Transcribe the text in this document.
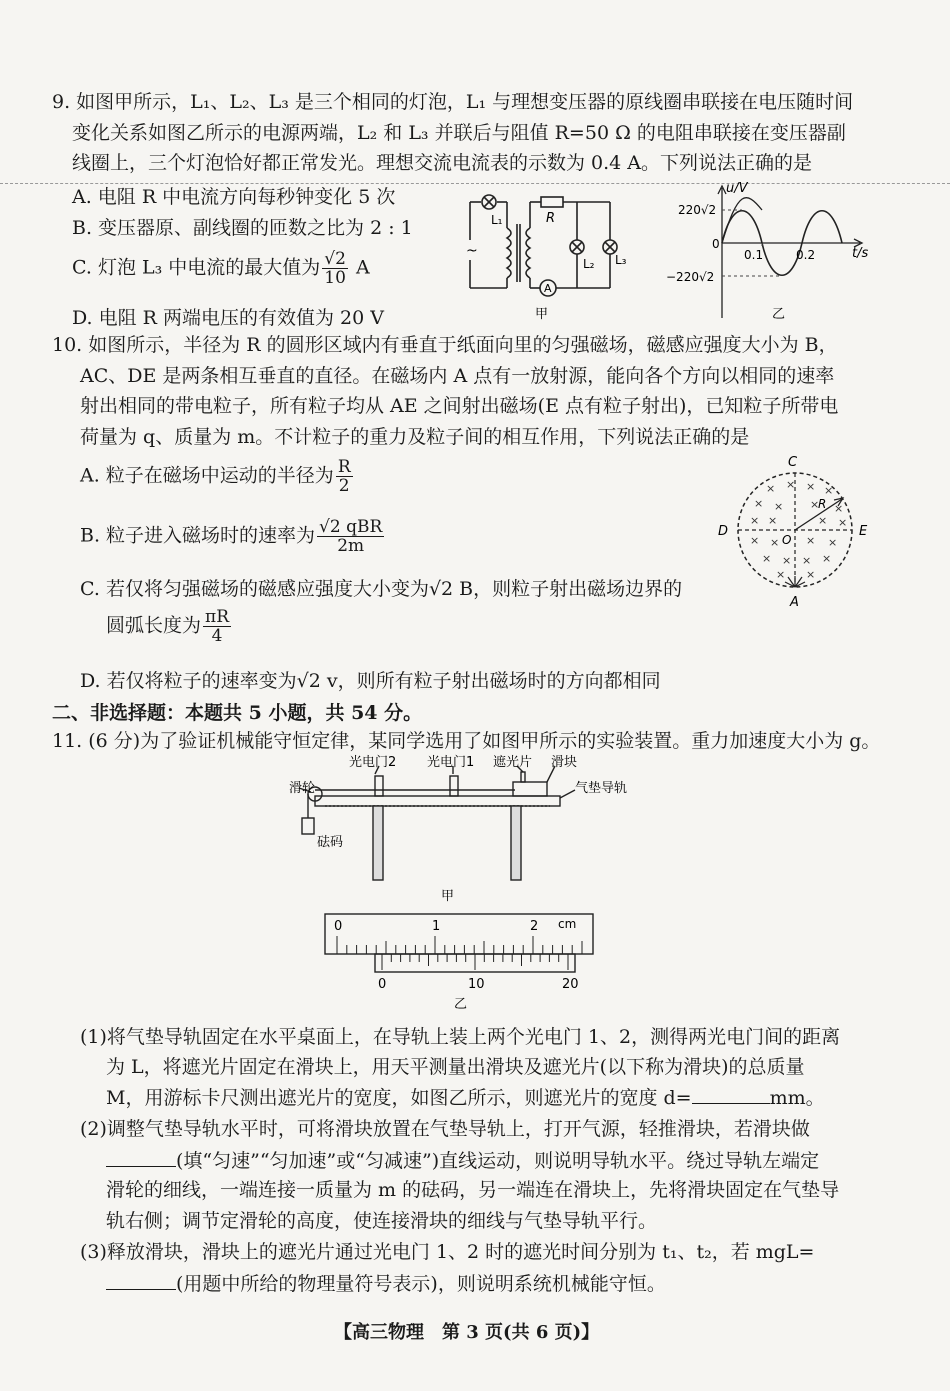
9. 如图甲所示，L₁、L₂、L₃ 是三个相同的灯泡，L₁ 与理想变压器的原线圈串联接在电压随时间
变化关系如图乙所示的电源两端，L₂ 和 L₃ 并联后与阻值 R=50 Ω 的电阻串联接在变压器副
线圈上，三个灯泡恰好都正常发光。理想交流电流表的示数为 0.4 A。下列说法正确的是
A. 电阻 R 中电流方向每秒钟变化 5 次
B. 变压器原、副线圈的匝数之比为 2 : 1
C. 灯泡 L₃ 中电流的最大值为 $\frac{√2}{10}$ A
D. 电阻 R 两端电压的有效值为 20 V
~
L₁	R
A
L₂ L₃
甲
u/V
t/s
220√2
−220√2
0
0.1	0.2
乙
10. 如图所示，半径为 R 的圆形区域内有垂直于纸面向里的匀强磁场，磁感应强度大小为 B，
AC、DE 是两条相互垂直的直径。在磁场内 A 点有一放射源，能向各个方向以相同的速率
射出相同的带电粒子，所有粒子均从 AE 之间射出磁场(E 点有粒子射出)，已知粒子所带电
荷量为 q、质量为 m。不计粒子的重力及粒子间的相互作用，下列说法正确的是
A. 粒子在磁场中运动的半径为 $\frac{R}{2}$
B. 粒子进入磁场时的速率为 $\frac{\text{√2 qBR}}{2m}$
C. 若仅将匀强磁场的磁感应强度大小变为√2 B，则粒子射出磁场边界的
圆弧长度为 $\frac{\pi R}{4}$
D. 若仅将粒子的速率变为√2 v，则所有粒子射出磁场时的方向都相同
× × × ×
× × × ×
× ×	× ×
× × × ×
× × × ×
× ×
C
D	E
A
O
R
二、非选择题：本题共 5 小题，共 54 分。
11. (6 分)为了验证机械能守恒定律，某同学选用了如图甲所示的实验装置。重力加速度大小为 g。
滑轮
光电门2 光电门1 遮光片 滑块
气垫导轨
砝码
甲
0	1	2 cm
0	10	20
乙
(1)将气垫导轨固定在水平桌面上，在导轨上装上两个光电门 1、2，测得两光电门间的距离
为 L，将遮光片固定在滑块上，用天平测量出滑块及遮光片(以下称为滑块)的总质量
M，用游标卡尺测出遮光片的宽度，如图乙所示，则遮光片的宽度 d=	mm。
(2)调整气垫导轨水平时，可将滑块放置在气垫导轨上，打开气源，轻推滑块，若滑块做
(填“匀速”“匀加速”或“匀减速”)直线运动，则说明导轨水平。绕过导轨左端定
滑轮的细线，一端连接一质量为 m 的砝码，另一端连在滑块上，先将滑块固定在气垫导
轨右侧；调节定滑轮的高度，使连接滑块的细线与气垫导轨平行。
(3)释放滑块，滑块上的遮光片通过光电门 1、2 时的遮光时间分别为 t₁、t₂，若 mgL=
(用题中所给的物理量符号表示)，则说明系统机械能守恒。
【高三物理　第 3 页(共 6 页)】
